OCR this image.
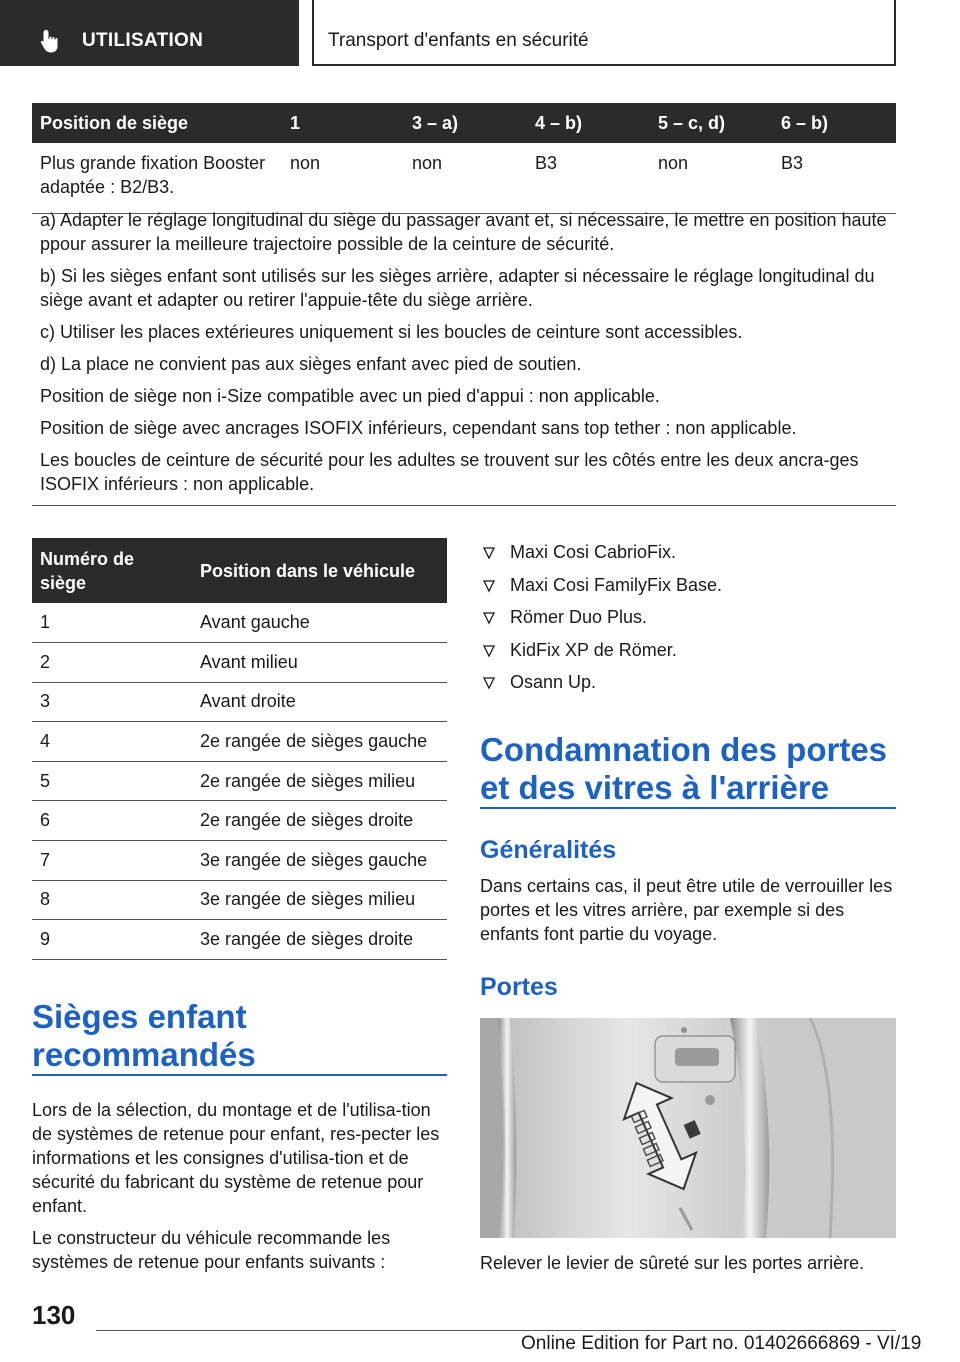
UTILISATION	Transport d'enfants en sécurité
Position de siège	1	3 – a)	4 – b)	5 – c, d)	6 – b)
Plus grande fixation Booster adaptée : B2/B3.	non	non	B3	non	B3

a) Adapter le réglage longitudinal du siège du passager avant et, si nécessaire, le mettre en position haute ppour assurer la meilleure trajectoire possible de la ceinture de sécurité.

b) Si les sièges enfant sont utilisés sur les sièges arrière, adapter si nécessaire le réglage longitudinal du siège avant et adapter ou retirer l'appuie-tête du siège arrière.

c) Utiliser les places extérieures uniquement si les boucles de ceinture sont accessibles.

d) La place ne convient pas aux sièges enfant avec pied de soutien.

Position de siège non i-Size compatible avec un pied d'appui : non applicable.

Position de siège avec ancrages ISOFIX inférieurs, cependant sans top tether : non applicable.

Les boucles de ceinture de sécurité pour les adultes se trouvent sur les côtés entre les deux ancra-ges ISOFIX inférieurs : non applicable.

Numéro de siège	Position dans le véhicule
1	Avant gauche
2	Avant milieu
3	Avant droite
4	2e rangée de sièges gauche
5	2e rangée de sièges milieu
6	2e rangée de sièges droite
7	3e rangée de sièges gauche
8	3e rangée de sièges milieu
9	3e rangée de sièges droite
Sièges enfant
recommandés

Lors de la sélection, du montage et de l'utilisa-tion de systèmes de retenue pour enfant, res-pecter les informations et les consignes d'utilisa-tion et de sécurité du fabricant du système de retenue pour enfant.

Le constructeur du véhicule recommande les systèmes de retenue pour enfants suivants :

Maxi Cosi CabrioFix.
Maxi Cosi FamilyFix Base.
Römer Duo Plus.
KidFix XP de Römer.
Osann Up.
Condamnation des portes
et des vitres à l'arrière
Généralités

Dans certains cas, il peut être utile de verrouiller les portes et les vitres arrière, par exemple si des enfants font partie du voyage.

Portes

Relever le levier de sûreté sur les portes arrière.

130
Online Edition for Part no. 01402666869 - VI/19
